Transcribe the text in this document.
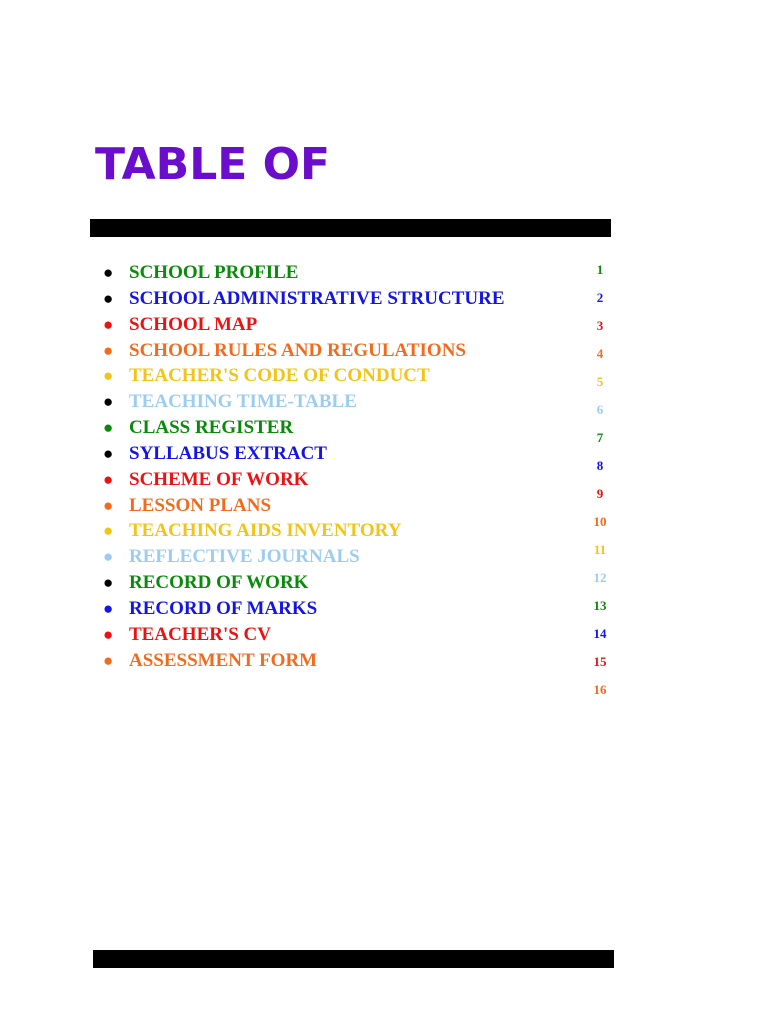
TABLE OF
● SCHOOL PROFILE
● SCHOOL ADMINISTRATIVE STRUCTURE
● SCHOOL MAP
● SCHOOL RULES AND REGULATIONS
● TEACHER'S CODE OF CONDUCT
● TEACHING TIME-TABLE
● CLASS REGISTER
● SYLLABUS EXTRACT
● SCHEME OF WORK
● LESSON PLANS
● TEACHING AIDS INVENTORY
● REFLECTIVE JOURNALS
● RECORD OF WORK
● RECORD OF MARKS
● TEACHER'S CV
● ASSESSMENT FORM
1
2
3
4
5
6
7
8
9
10
11
12
13
14
15
16
